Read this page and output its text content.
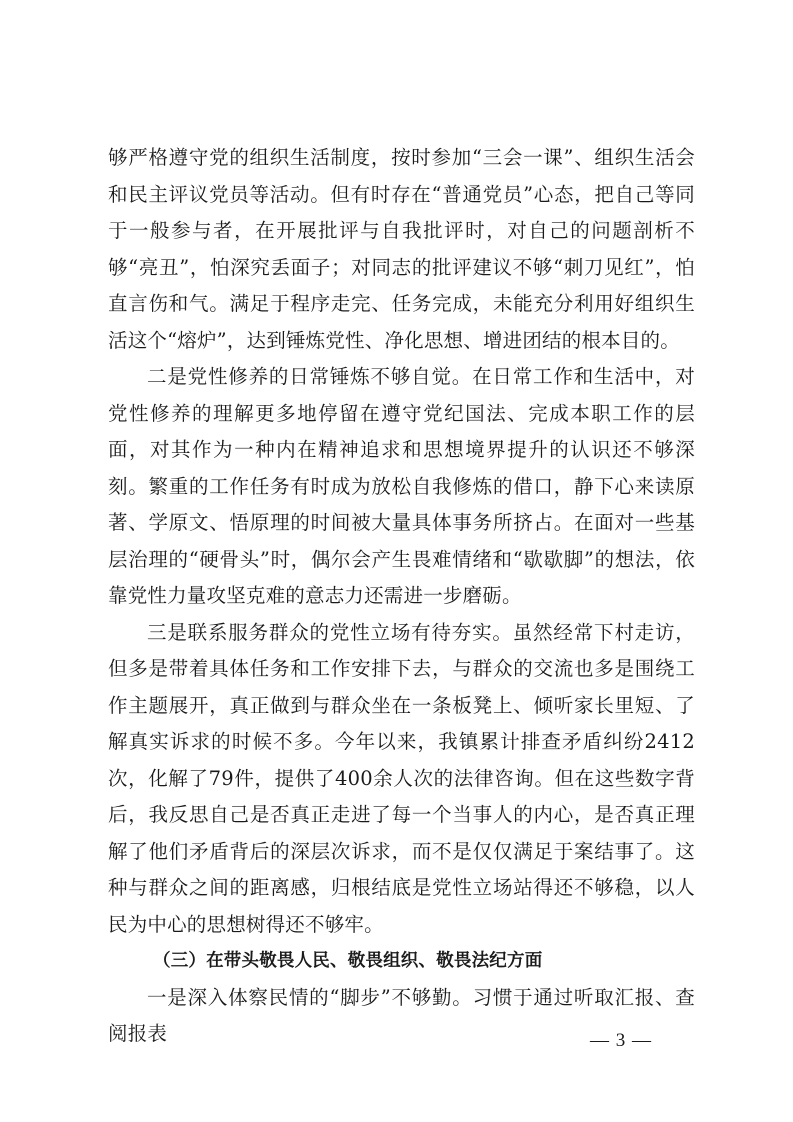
够严格遵守党的组织生活制度，按时参加“三会一课”、组织生活会和民主评议党员等活动。但有时存在“普通党员”心态，把自己等同于一般参与者，在开展批评与自我批评时，对自己的问题剖析不够“亮丑”，怕深究丢面子；对同志的批评建议不够“刺刀见红”，怕直言伤和气。满足于程序走完、任务完成，未能充分利用好组织生活这个“熔炉”，达到锤炼党性、净化思想、增进团结的根本目的。

二是党性修养的日常锤炼不够自觉。在日常工作和生活中，对党性修养的理解更多地停留在遵守党纪国法、完成本职工作的层面，对其作为一种内在精神追求和思想境界提升的认识还不够深刻。繁重的工作任务有时成为放松自我修炼的借口，静下心来读原著、学原文、悟原理的时间被大量具体事务所挤占。在面对一些基层治理的“硬骨头”时，偶尔会产生畏难情绪和“歇歇脚”的想法，依靠党性力量攻坚克难的意志力还需进一步磨砺。

三是联系服务群众的党性立场有待夯实。虽然经常下村走访，但多是带着具体任务和工作安排下去，与群众的交流也多是围绕工作主题展开，真正做到与群众坐在一条板凳上、倾听家长里短、了解真实诉求的时候不多。今年以来，我镇累计排查矛盾纠纷2412次，化解了79件，提供了400余人次的法律咨询。但在这些数字背后，我反思自己是否真正走进了每一个当事人的内心，是否真正理解了他们矛盾背后的深层次诉求，而不是仅仅满足于案结事了。这种与群众之间的距离感，归根结底是党性立场站得还不够稳，以人民为中心的思想树得还不够牢。

（三）在带头敬畏人民、敬畏组织、敬畏法纪方面

一是深入体察民情的“脚步”不够勤。习惯于通过听取汇报、查阅报表	— 3 —
